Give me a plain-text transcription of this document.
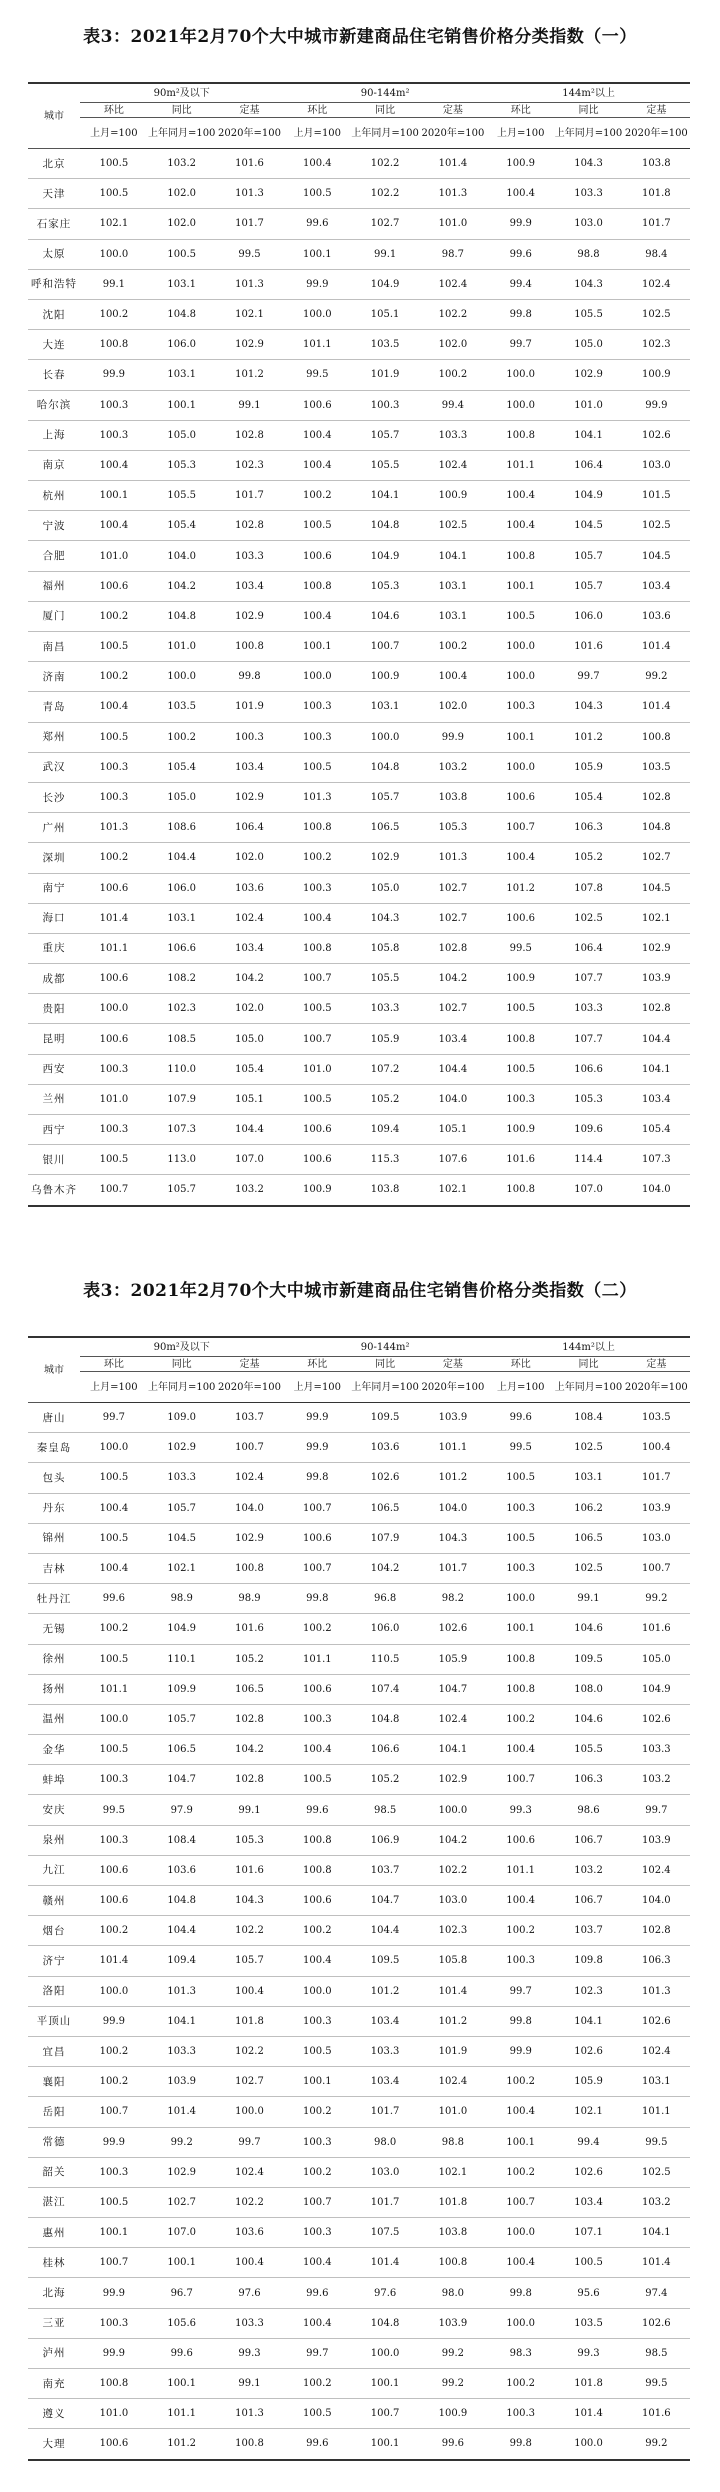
表3：2021年2月70个大中城市新建商品住宅销售价格分类指数（一）
城市	90m²及以下			90-144m²			144m²以上		
	环比	同比	定基	环比	同比	定基	环比	同比	定基
	上月=100	上年同月=100	2020年=100	上月=100	上年同月=100	2020年=100	上月=100	上年同月=100	2020年=100
北京	100.5	103.2	101.6	100.4	102.2	101.4	100.9	104.3	103.8
天津	100.5	102.0	101.3	100.5	102.2	101.3	100.4	103.3	101.8
石家庄	102.1	102.0	101.7	99.6	102.7	101.0	99.9	103.0	101.7
太原	100.0	100.5	99.5	100.1	99.1	98.7	99.6	98.8	98.4
呼和浩特	99.1	103.1	101.3	99.9	104.9	102.4	99.4	104.3	102.4
沈阳	100.2	104.8	102.1	100.0	105.1	102.2	99.8	105.5	102.5
大连	100.8	106.0	102.9	101.1	103.5	102.0	99.7	105.0	102.3
长春	99.9	103.1	101.2	99.5	101.9	100.2	100.0	102.9	100.9
哈尔滨	100.3	100.1	99.1	100.6	100.3	99.4	100.0	101.0	99.9
上海	100.3	105.0	102.8	100.4	105.7	103.3	100.8	104.1	102.6
南京	100.4	105.3	102.3	100.4	105.5	102.4	101.1	106.4	103.0
杭州	100.1	105.5	101.7	100.2	104.1	100.9	100.4	104.9	101.5
宁波	100.4	105.4	102.8	100.5	104.8	102.5	100.4	104.5	102.5
合肥	101.0	104.0	103.3	100.6	104.9	104.1	100.8	105.7	104.5
福州	100.6	104.2	103.4	100.8	105.3	103.1	100.1	105.7	103.4
厦门	100.2	104.8	102.9	100.4	104.6	103.1	100.5	106.0	103.6
南昌	100.5	101.0	100.8	100.1	100.7	100.2	100.0	101.6	101.4
济南	100.2	100.0	99.8	100.0	100.9	100.4	100.0	99.7	99.2
青岛	100.4	103.5	101.9	100.3	103.1	102.0	100.3	104.3	101.4
郑州	100.5	100.2	100.3	100.3	100.0	99.9	100.1	101.2	100.8
武汉	100.3	105.4	103.4	100.5	104.8	103.2	100.0	105.9	103.5
长沙	100.3	105.0	102.9	101.3	105.7	103.8	100.6	105.4	102.8
广州	101.3	108.6	106.4	100.8	106.5	105.3	100.7	106.3	104.8
深圳	100.2	104.4	102.0	100.2	102.9	101.3	100.4	105.2	102.7
南宁	100.6	106.0	103.6	100.3	105.0	102.7	101.2	107.8	104.5
海口	101.4	103.1	102.4	100.4	104.3	102.7	100.6	102.5	102.1
重庆	101.1	106.6	103.4	100.8	105.8	102.8	99.5	106.4	102.9
成都	100.6	108.2	104.2	100.7	105.5	104.2	100.9	107.7	103.9
贵阳	100.0	102.3	102.0	100.5	103.3	102.7	100.5	103.3	102.8
昆明	100.6	108.5	105.0	100.7	105.9	103.4	100.8	107.7	104.4
西安	100.3	110.0	105.4	101.0	107.2	104.4	100.5	106.6	104.1
兰州	101.0	107.9	105.1	100.5	105.2	104.0	100.3	105.3	103.4
西宁	100.3	107.3	104.4	100.6	109.4	105.1	100.9	109.6	105.4
银川	100.5	113.0	107.0	100.6	115.3	107.6	101.6	114.4	107.3
乌鲁木齐	100.7	105.7	103.2	100.9	103.8	102.1	100.8	107.0	104.0
表3：2021年2月70个大中城市新建商品住宅销售价格分类指数（二）
城市	90m²及以下			90-144m²			144m²以上		
	环比	同比	定基	环比	同比	定基	环比	同比	定基
	上月=100	上年同月=100	2020年=100	上月=100	上年同月=100	2020年=100	上月=100	上年同月=100	2020年=100
唐山	99.7	109.0	103.7	99.9	109.5	103.9	99.6	108.4	103.5
秦皇岛	100.0	102.9	100.7	99.9	103.6	101.1	99.5	102.5	100.4
包头	100.5	103.3	102.4	99.8	102.6	101.2	100.5	103.1	101.7
丹东	100.4	105.7	104.0	100.7	106.5	104.0	100.3	106.2	103.9
锦州	100.5	104.5	102.9	100.6	107.9	104.3	100.5	106.5	103.0
吉林	100.4	102.1	100.8	100.7	104.2	101.7	100.3	102.5	100.7
牡丹江	99.6	98.9	98.9	99.8	96.8	98.2	100.0	99.1	99.2
无锡	100.2	104.9	101.6	100.2	106.0	102.6	100.1	104.6	101.6
徐州	100.5	110.1	105.2	101.1	110.5	105.9	100.8	109.5	105.0
扬州	101.1	109.9	106.5	100.6	107.4	104.7	100.8	108.0	104.9
温州	100.0	105.7	102.8	100.3	104.8	102.4	100.2	104.6	102.6
金华	100.5	106.5	104.2	100.4	106.6	104.1	100.4	105.5	103.3
蚌埠	100.3	104.7	102.8	100.5	105.2	102.9	100.7	106.3	103.2
安庆	99.5	97.9	99.1	99.6	98.5	100.0	99.3	98.6	99.7
泉州	100.3	108.4	105.3	100.8	106.9	104.2	100.6	106.7	103.9
九江	100.6	103.6	101.6	100.8	103.7	102.2	101.1	103.2	102.4
赣州	100.6	104.8	104.3	100.6	104.7	103.0	100.4	106.7	104.0
烟台	100.2	104.4	102.2	100.2	104.4	102.3	100.2	103.7	102.8
济宁	101.4	109.4	105.7	100.4	109.5	105.8	100.3	109.8	106.3
洛阳	100.0	101.3	100.4	100.0	101.2	101.4	99.7	102.3	101.3
平顶山	99.9	104.1	101.8	100.3	103.4	101.2	99.8	104.1	102.6
宜昌	100.2	103.3	102.2	100.5	103.3	101.9	99.9	102.6	102.4
襄阳	100.2	103.9	102.7	100.1	103.4	102.4	100.2	105.9	103.1
岳阳	100.7	101.4	100.0	100.2	101.7	101.0	100.4	102.1	101.1
常德	99.9	99.2	99.7	100.3	98.0	98.8	100.1	99.4	99.5
韶关	100.3	102.9	102.4	100.2	103.0	102.1	100.2	102.6	102.5
湛江	100.5	102.7	102.2	100.7	101.7	101.8	100.7	103.4	103.2
惠州	100.1	107.0	103.6	100.3	107.5	103.8	100.0	107.1	104.1
桂林	100.7	100.1	100.4	100.4	101.4	100.8	100.4	100.5	101.4
北海	99.9	96.7	97.6	99.6	97.6	98.0	99.8	95.6	97.4
三亚	100.3	105.6	103.3	100.4	104.8	103.9	100.0	103.5	102.6
泸州	99.9	99.6	99.3	99.7	100.0	99.2	98.3	99.3	98.5
南充	100.8	100.1	99.1	100.2	100.1	99.2	100.2	101.8	99.5
遵义	101.0	101.1	101.3	100.5	100.7	100.9	100.3	101.4	101.6
大理	100.6	101.2	100.8	99.6	100.1	99.6	99.8	100.0	99.2
